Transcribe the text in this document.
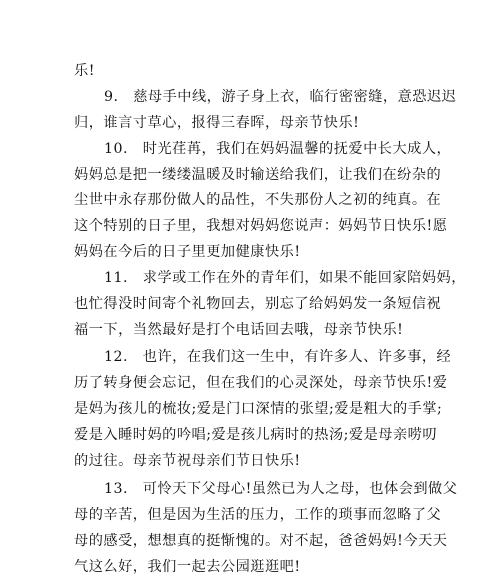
乐!
9.　慈母手中线，游子身上衣，临行密密缝，意恐迟迟
归，谁言寸草心，报得三春晖，母亲节快乐!
10.　时光荏苒，我们在妈妈温馨的抚爱中长大成人，
妈妈总是把一缕缕温暖及时输送给我们，让我们在纷杂的
尘世中永存那份做人的品性，不失那份人之初的纯真。在
这个特别的日子里，我想对妈妈您说声：妈妈节日快乐!愿
妈妈在今后的日子里更加健康快乐!
11.　求学或工作在外的青年们，如果不能回家陪妈妈，
也忙得没时间寄个礼物回去，别忘了给妈妈发一条短信祝
福一下，当然最好是打个电话回去哦，母亲节快乐!
12.　也许，在我们这一生中，有许多人、许多事，经
历了转身便会忘记，但在我们的心灵深处，母亲节快乐!爱
是妈为孩儿的梳妆;爱是门口深情的张望;爱是粗大的手掌;
爱是入睡时妈的吟唱;爱是孩儿病时的热汤;爱是母亲唠叨
的过往。母亲节祝母亲们节日快乐!
13.　可怜天下父母心!虽然已为人之母，也体会到做父
母的辛苦，但是因为生活的压力，工作的琐事而忽略了父
母的感受，想想真的挺惭愧的。对不起，爸爸妈妈!今天天
气这么好，我们一起去公园逛逛吧!
